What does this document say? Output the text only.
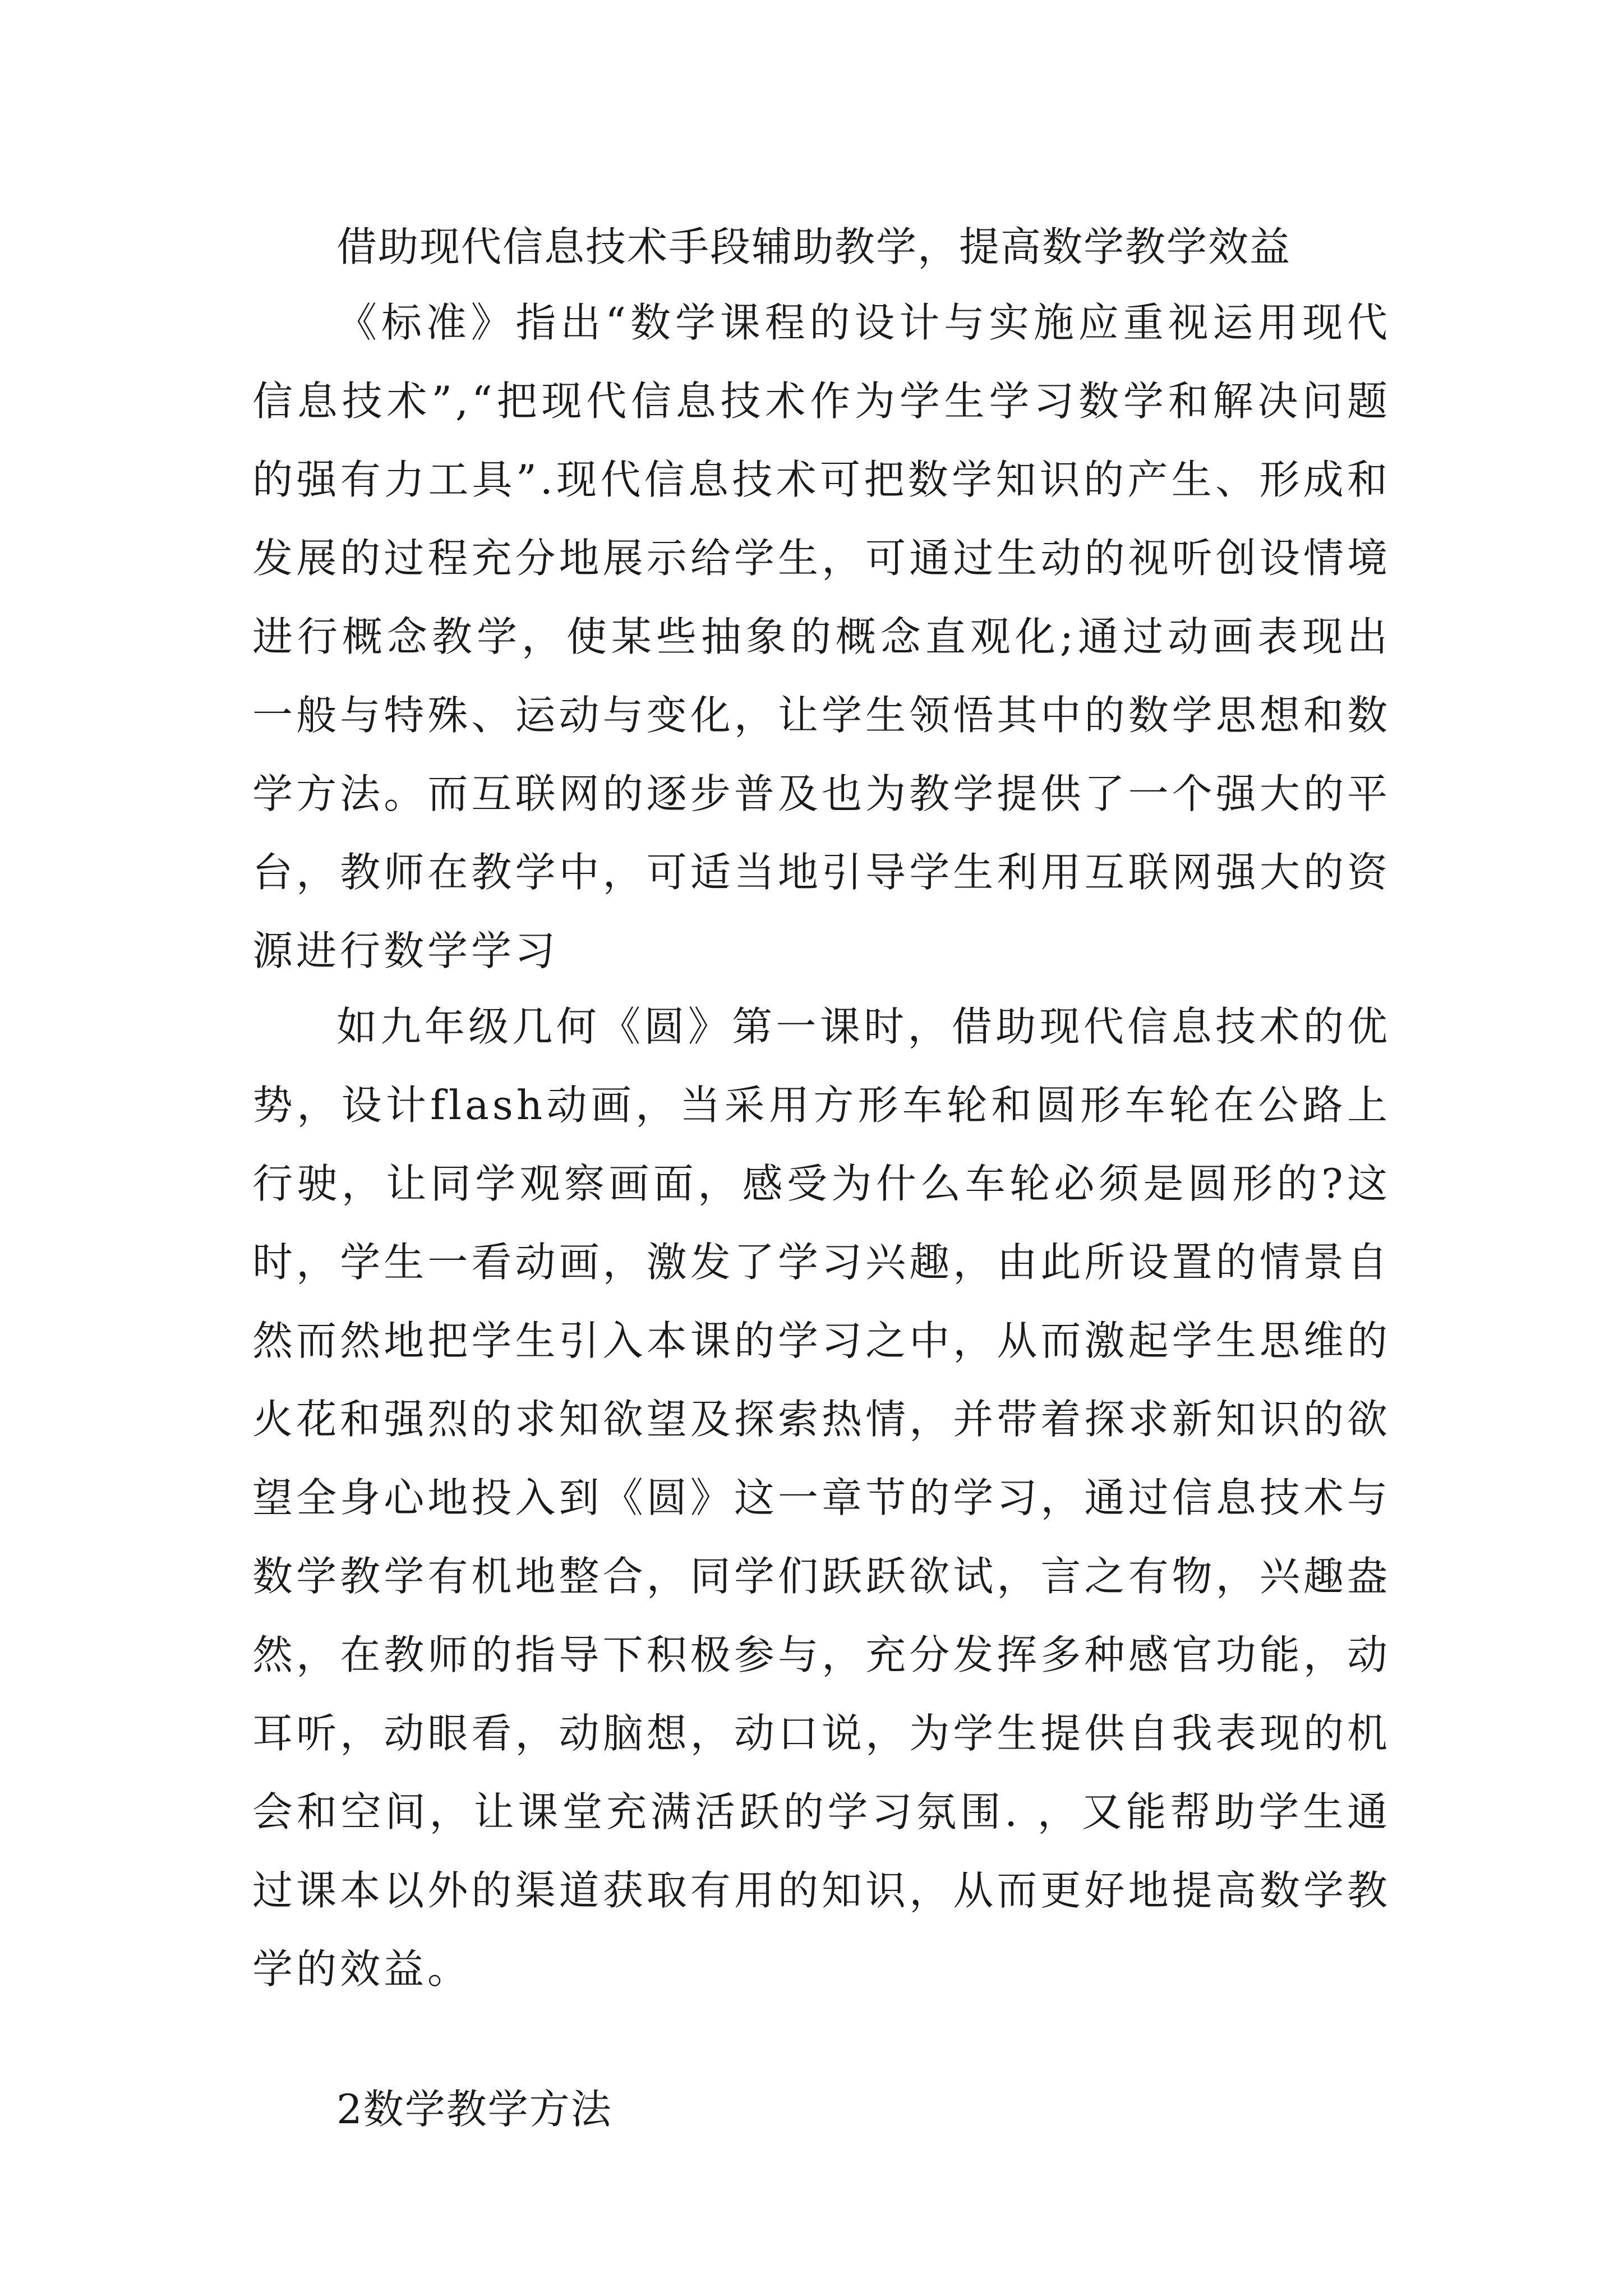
借助现代信息技术手段辅助教学，提高数学教学效益

《标准》指出“数学课程的设计与实施应重视运用现代信息技术”,“把现代信息技术作为学生学习数学和解决问题的强有力工具”.现代信息技术可把数学知识的产生、形成和发展的过程充分地展示给学生，可通过生动的视听创设情境进行概念教学，使某些抽象的概念直观化;通过动画表现出一般与特殊、运动与变化，让学生领悟其中的数学思想和数学方法。而互联网的逐步普及也为教学提供了一个强大的平台，教师在教学中，可适当地引导学生利用互联网强大的资源进行数学学习

如九年级几何《圆》第一课时，借助现代信息技术的优势，设计flash动画，当采用方形车轮和圆形车轮在公路上行驶，让同学观察画面，感受为什么车轮必须是圆形的?这时，学生一看动画，激发了学习兴趣，由此所设置的情景自然而然地把学生引入本课的学习之中，从而激起学生思维的火花和强烈的求知欲望及探索热情，并带着探求新知识的欲望全身心地投入到《圆》这一章节的学习，通过信息技术与数学教学有机地整合，同学们跃跃欲试，言之有物，兴趣盎然，在教师的指导下积极参与，充分发挥多种感官功能，动耳听，动眼看，动脑想，动口说，为学生提供自我表现的机会和空间，让课堂充满活跃的学习氛围. ，又能帮助学生通过课本以外的渠道获取有用的知识，从而更好地提高数学教学的效益。

2数学教学方法
